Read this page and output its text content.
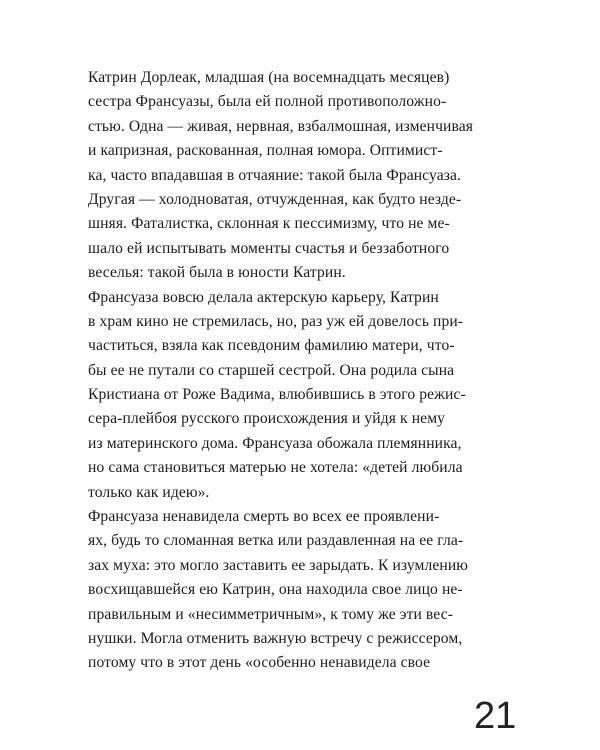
Катрин Дорлеак, младшая (на восемнадцать месяцев)
сестра Франсуазы, была ей полной противоположно-
стью. Одна — живая, нервная, взбалмошная, изменчивая
и капризная, раскованная, полная юмора. Оптимист-
ка, часто впадавшая в отчаяние: такой была Франсуаза.
Другая — холодноватая, отчужденная, как будто нездe-
шняя. Фаталистка, склонная к пессимизму, что не ме-
шало ей испытывать моменты счастья и беззаботного
веселья: такой была в юности Катрин.
Франсуаза вовсю делала актерскую карьеру, Катрин
в храм кино не стремилась, но, раз уж ей довелось при-
частиться, взяла как псевдоним фамилию матери, что-
бы ее не путали со старшей сестрой. Она родила сына
Кристиана от Роже Вадима, влюбившись в этого режис-
сера-плейбоя русского происхождения и уйдя к нему
из материнского дома. Франсуаза обожала племянника,
но сама становиться матерью не хотела: «детей любила
только как идею».
Франсуаза ненавидела смерть во всех ее проявлени-
ях, будь то сломанная ветка или раздавленная на ее глa-
зах муха: это могло заставить ее зарыдать. К изумлению
восхищавшейся ею Катрин, она находила свое лицо не-
правильным и «несимметричным», к тому же эти вес-
нушки. Могла отменить важную встречу с режиссером,
потому что в этот день «особенно ненавидела свое
21
